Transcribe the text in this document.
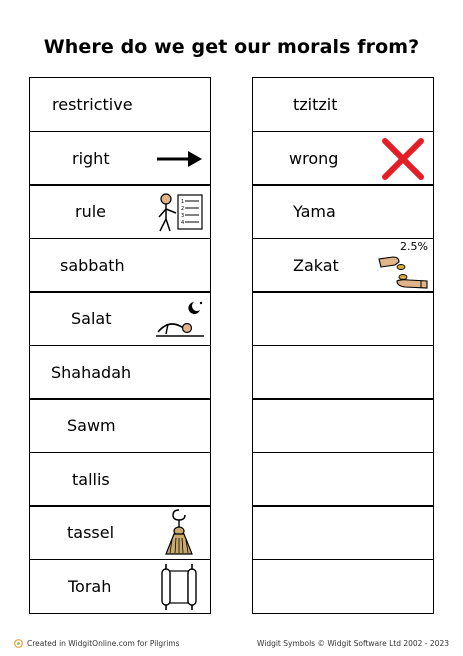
Where do we get our morals from?
restrictive
right
rule	1
2
3
4
sabbath
Salat
Shahadah
Sawm
tallis
tassel
Torah
tzitzit
wrong
Yama
Zakat
2.5%
Created in WidgitOnline.com for Pilgrims	Widgit Symbols © Widgit Software Ltd 2002 - 2023
